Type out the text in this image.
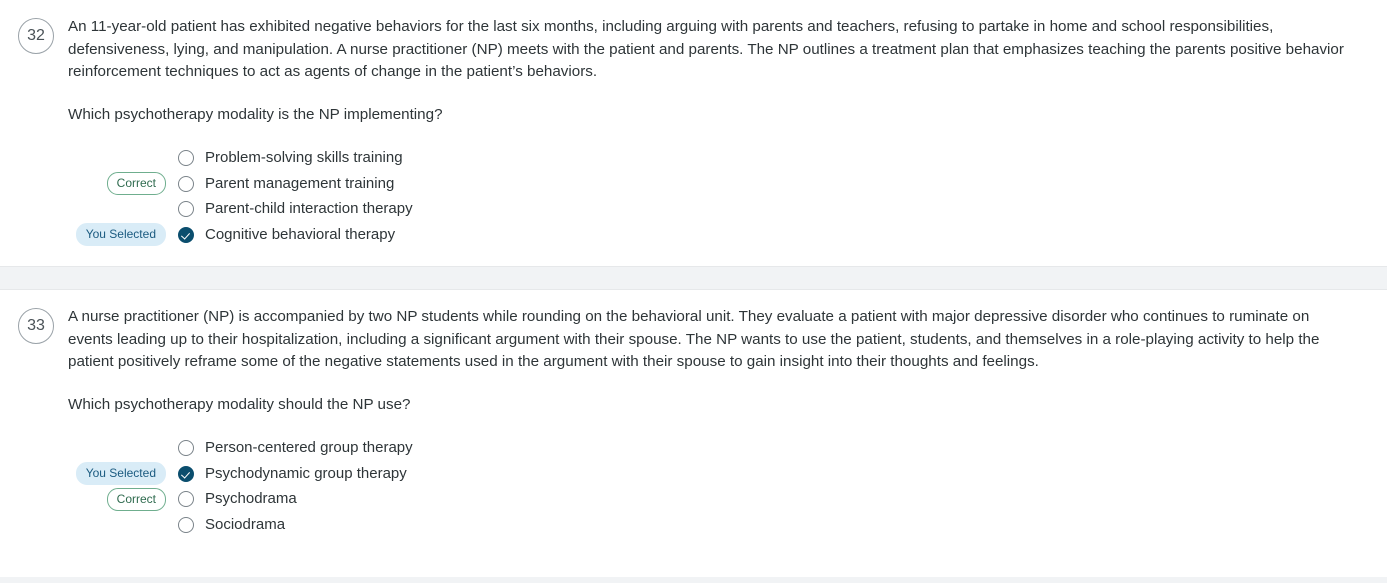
32

An 11-year-old patient has exhibited negative behaviors for the last six months, including arguing with parents and teachers, refusing to partake in home and school responsibilities, defensiveness, lying, and manipulation. A nurse practitioner (NP) meets with the patient and parents. The NP outlines a treatment plan that emphasizes teaching the parents positive behavior reinforcement techniques to act as agents of change in the patient’s behaviors.

Which psychotherapy modality is the NP implementing?
Problem-solving skills training
Correct	Parent management training
Parent-child interaction therapy
You Selected	Cognitive behavioral therapy
33

A nurse practitioner (NP) is accompanied by two NP students while rounding on the behavioral unit. They evaluate a patient with major depressive disorder who continues to ruminate on events leading up to their hospitalization, including a significant argument with their spouse. The NP wants to use the patient, students, and themselves in a role-playing activity to help the patient positively reframe some of the negative statements used in the argument with their spouse to gain insight into their thoughts and feelings.

Which psychotherapy modality should the NP use?
Person-centered group therapy
You Selected	Psychodynamic group therapy
Correct	Psychodrama
Sociodrama
